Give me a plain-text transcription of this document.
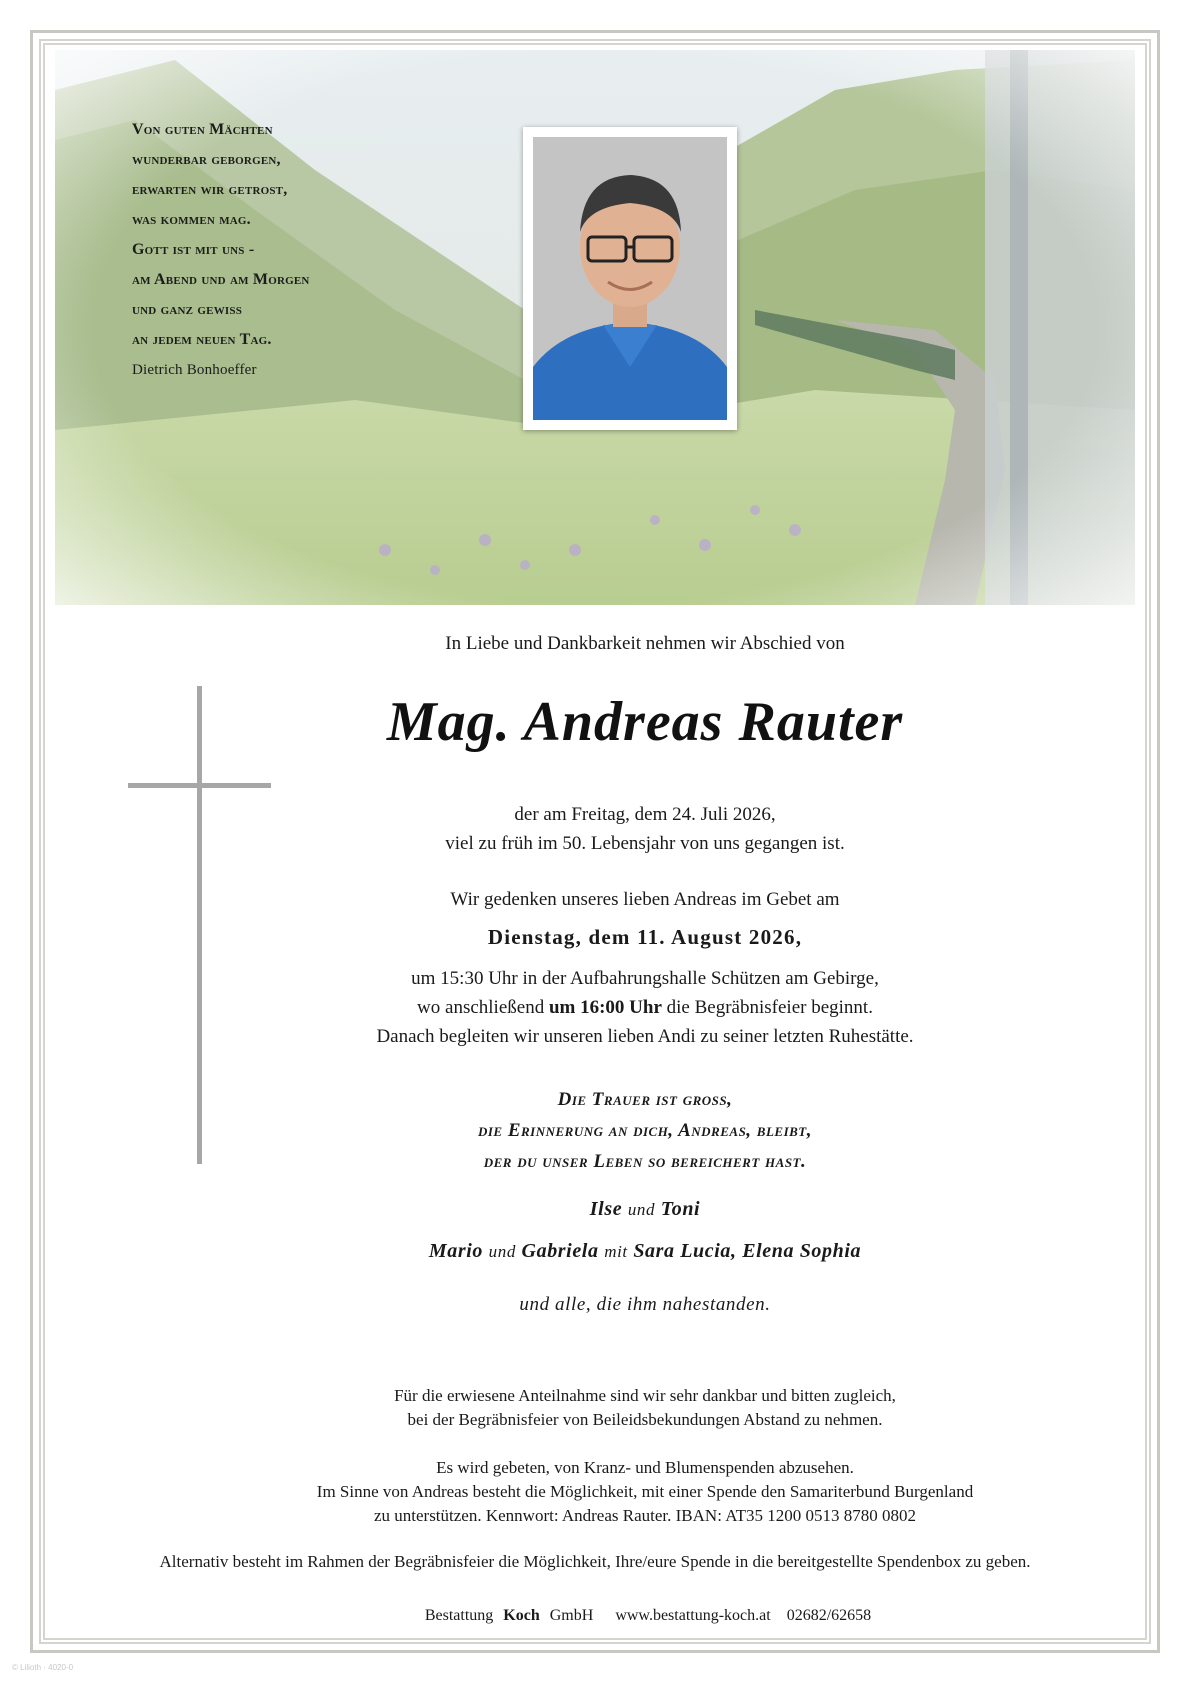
Von guten Mächten
wunderbar geborgen,
erwarten wir getrost,
was kommen mag.
Gott ist mit uns -
am Abend und am Morgen
und ganz gewiss
an jedem neuen Tag.
Dietrich Bonhoeffer
In Liebe und Dankbarkeit nehmen wir Abschied von
Mag. Andreas Rauter
der am Freitag, dem 24. Juli 2026,
viel zu früh im 50. Lebensjahr von uns gegangen ist.
Wir gedenken unseres lieben Andreas im Gebet am
Dienstag, dem 11. August 2026,
um 15:30 Uhr in der Aufbahrungshalle Schützen am Gebirge,
wo anschließend um 16:00 Uhr die Begräbnisfeier beginnt.
Danach begleiten wir unseren lieben Andi zu seiner letzten Ruhestätte.
Die Trauer ist gross,
die Erinnerung an dich, Andreas, bleibt,
der du unser Leben so bereichert hast.
Ilse und Toni
Mario und Gabriela mit Sara Lucia, Elena Sophia
und alle, die ihm nahestanden.
Für die erwiesene Anteilnahme sind wir sehr dankbar und bitten zugleich,
bei der Begräbnisfeier von Beileidsbekundungen Abstand zu nehmen.
Es wird gebeten, von Kranz- und Blumenspenden abzusehen.
Im Sinne von Andreas besteht die Möglichkeit, mit einer Spende den Samariterbund Burgenland
zu unterstützen. Kennwort: Andreas Rauter. IBAN: AT35 1200 0513 8780 0802
Alternativ besteht im Rahmen der Begräbnisfeier die Möglichkeit, Ihre/eure Spende in die bereitgestellte Spendenbox zu geben.
Bestattung Koch GmbH www.bestattung-koch.at 02682/62658
© Lilioth · 4020-0
